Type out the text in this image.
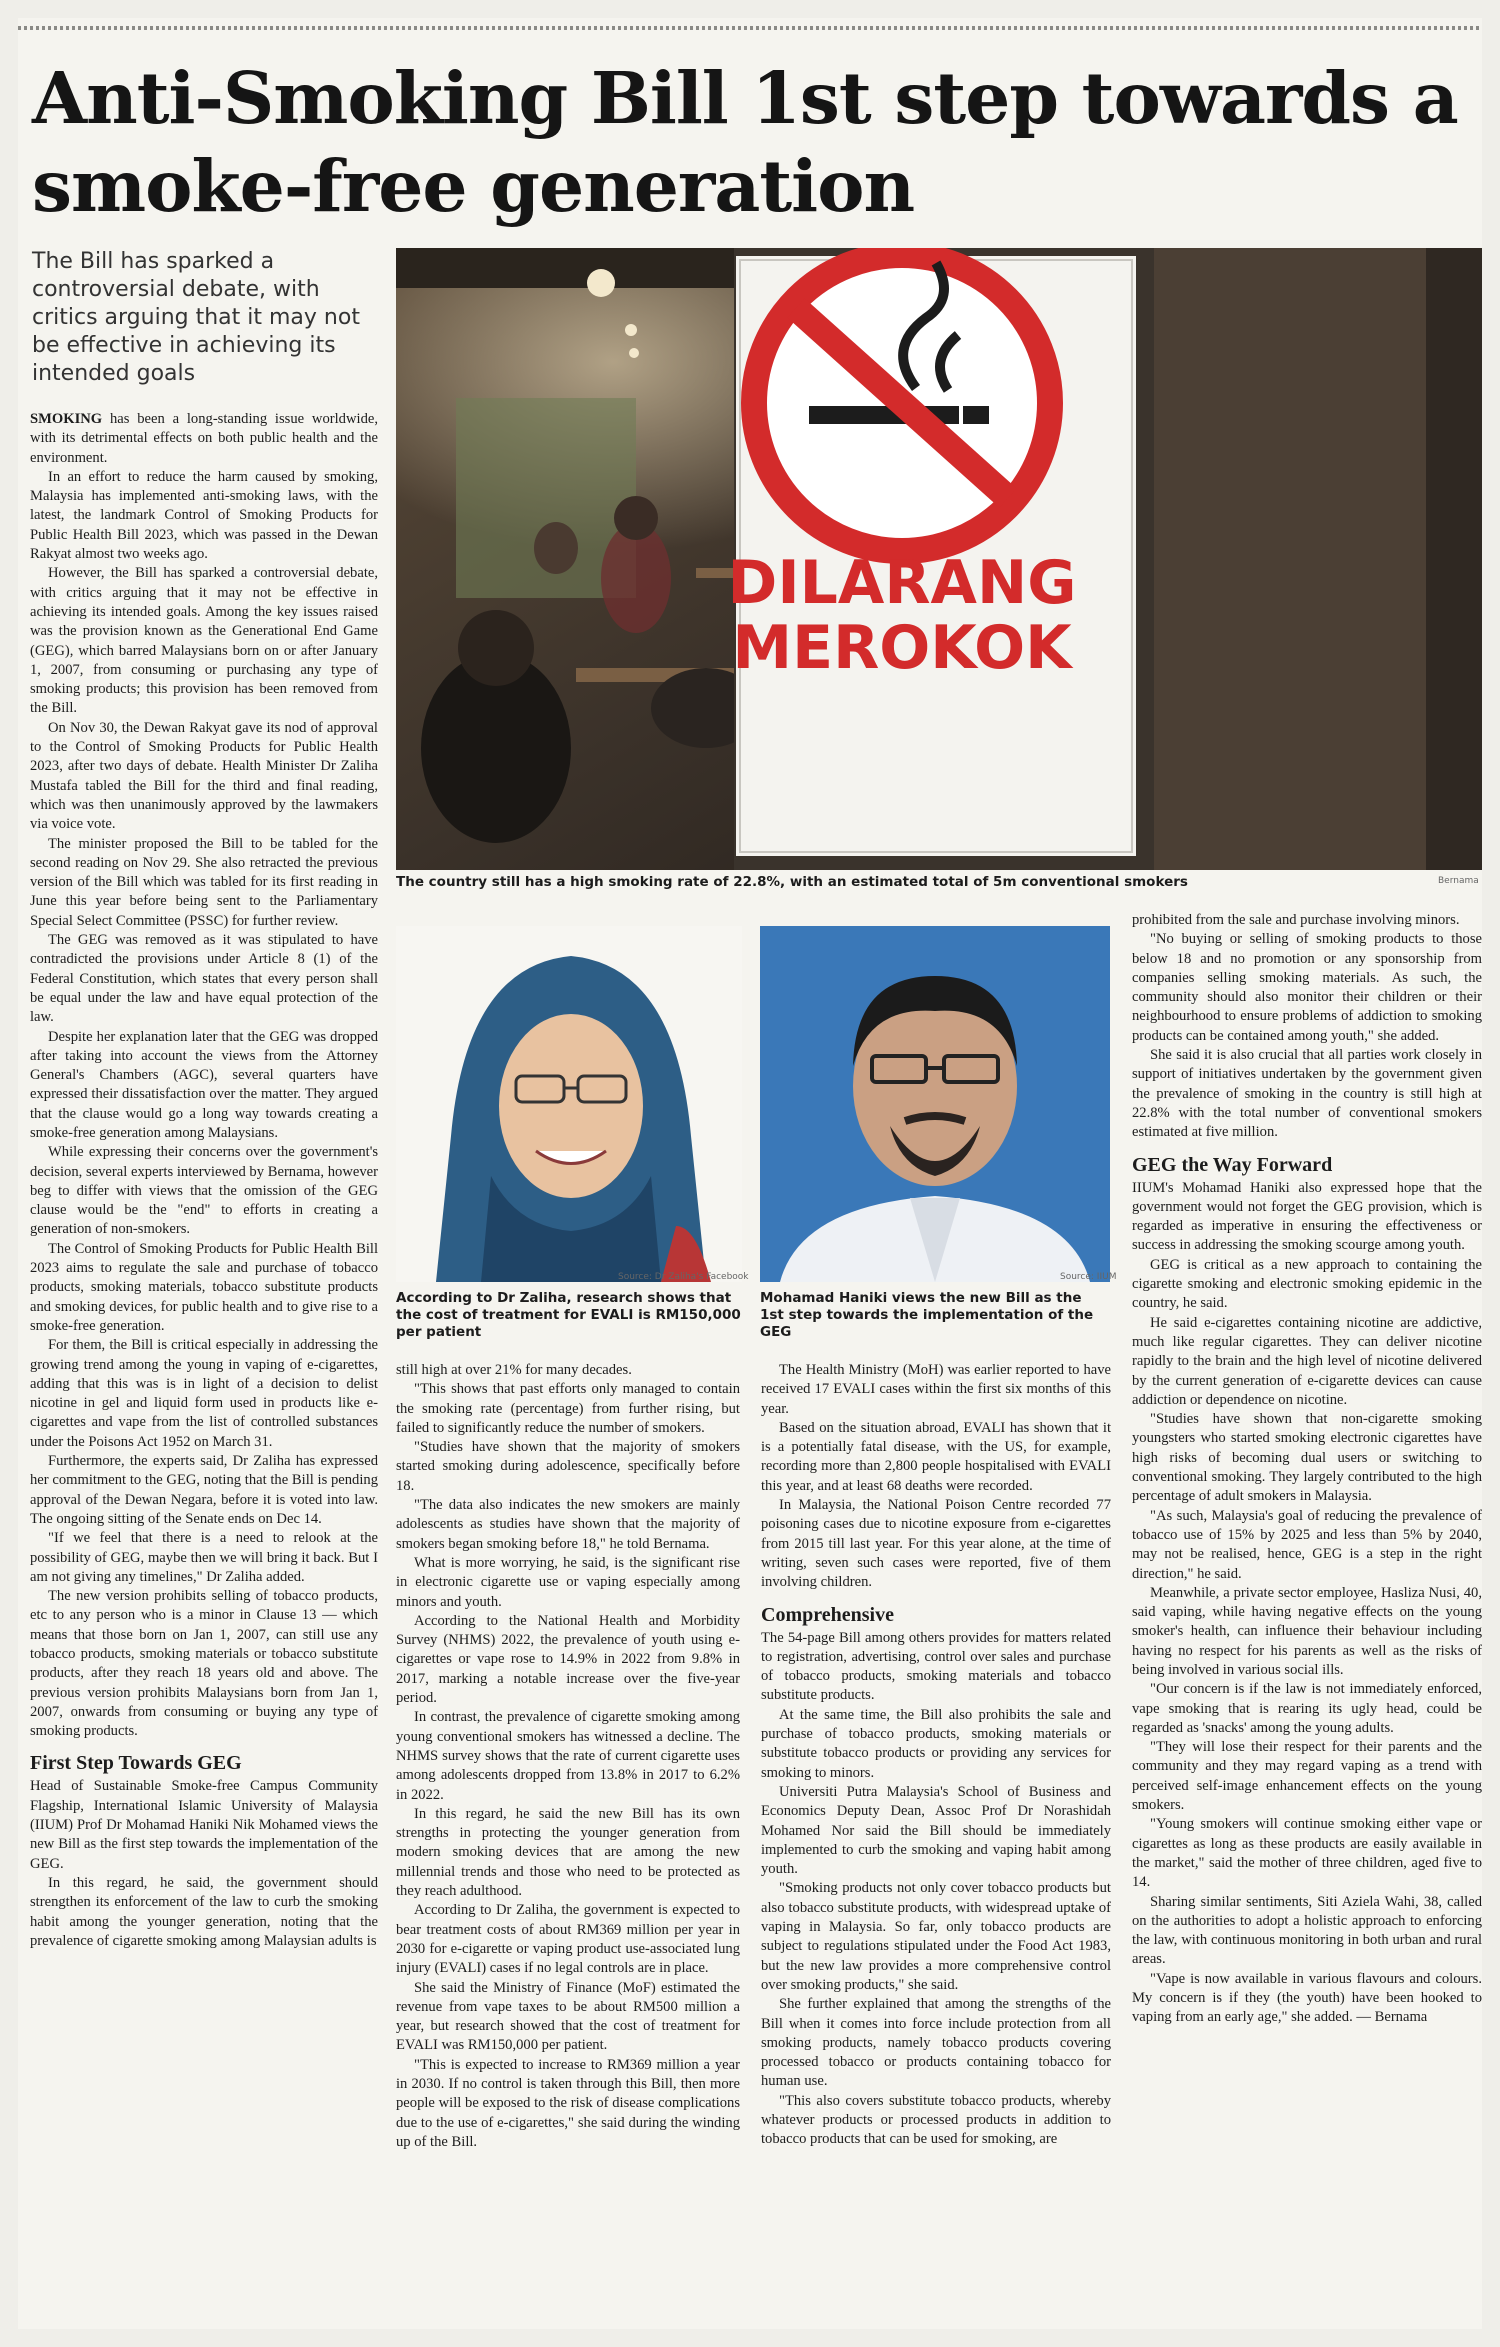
Anti-Smoking Bill 1st step towards a smoke-free generation
The Bill has sparked a controversial debate, with critics arguing that it may not be effective in achieving its intended goals
DILARANG
MEROKOK
The country still has a high smoking rate of 22.8%, with an estimated total of 5m conventional smokers	Bernama
Source: Dr Zaliha's Facebook
According to Dr Zaliha, research shows that the cost of treatment for EVALI is RM150,000 per patient
Source: IIUM
Mohamad Haniki views the new Bill as the 1st step towards the implementation of the GEG

SMOKING has been a long-standing issue worldwide, with its detrimental effects on both public health and the environment.

In an effort to reduce the harm caused by smoking, Malaysia has implemented anti-smoking laws, with the latest, the landmark Control of Smoking Products for Public Health Bill 2023, which was passed in the Dewan Rakyat almost two weeks ago.

However, the Bill has sparked a controversial debate, with critics arguing that it may not be effective in achieving its intended goals. Among the key issues raised was the provision known as the Generational End Game (GEG), which barred Malaysians born on or after January 1, 2007, from consuming or purchasing any type of smoking products; this provision has been removed from the Bill.

On Nov 30, the Dewan Rakyat gave its nod of approval to the Control of Smoking Products for Public Health 2023, after two days of debate. Health Minister Dr Zaliha Mustafa tabled the Bill for the third and final reading, which was then unanimously approved by the lawmakers via voice vote.

The minister proposed the Bill to be tabled for the second reading on Nov 29. She also retracted the previous version of the Bill which was tabled for its first reading in June this year before being sent to the Parliamentary Special Select Committee (PSSC) for further review.

The GEG was removed as it was stipulated to have contradicted the provisions under Article 8 (1) of the Federal Constitution, which states that every person shall be equal under the law and have equal protection of the law.

Despite her explanation later that the GEG was dropped after taking into account the views from the Attorney General's Chambers (AGC), several quarters have expressed their dissatisfaction over the matter. They argued that the clause would go a long way towards creating a smoke-free generation among Malaysians.

While expressing their concerns over the government's decision, several experts interviewed by Bernama, however beg to differ with views that the omission of the GEG clause would be the "end" to efforts in creating a generation of non-smokers.

The Control of Smoking Products for Public Health Bill 2023 aims to regulate the sale and purchase of tobacco products, smoking materials, tobacco substitute products and smoking devices, for public health and to give rise to a smoke-free generation.

For them, the Bill is critical especially in addressing the growing trend among the young in vaping of e-cigarettes, adding that this was is in light of a decision to delist nicotine in gel and liquid form used in products like e-cigarettes and vape from the list of controlled substances under the Poisons Act 1952 on March 31.

Furthermore, the experts said, Dr Zaliha has expressed her commitment to the GEG, noting that the Bill is pending approval of the Dewan Negara, before it is voted into law. The ongoing sitting of the Senate ends on Dec 14.

"If we feel that there is a need to relook at the possibility of GEG, maybe then we will bring it back. But I am not giving any timelines," Dr Zaliha added.

The new version prohibits selling of tobacco products, etc to any person who is a minor in Clause 13 — which means that those born on Jan 1, 2007, can still use any tobacco products, smoking materials or tobacco substitute products, after they reach 18 years old and above. The previous version prohibits Malaysians born from Jan 1, 2007, onwards from consuming or buying any type of smoking products.

First Step Towards GEG

Head of Sustainable Smoke-free Campus Community Flagship, International Islamic University of Malaysia (IIUM) Prof Dr Mohamad Haniki Nik Mohamed views the new Bill as the first step towards the implementation of the GEG.

In this regard, he said, the government should strengthen its enforcement of the law to curb the smoking habit among the younger generation, noting that the prevalence of cigarette smoking among Malaysian adults is

still high at over 21% for many decades.

"This shows that past efforts only managed to contain the smoking rate (percentage) from further rising, but failed to significantly reduce the number of smokers.

"Studies have shown that the majority of smokers started smoking during adolescence, specifically before 18.

"The data also indicates the new smokers are mainly adolescents as studies have shown that the majority of smokers began smoking before 18," he told Bernama.

What is more worrying, he said, is the significant rise in electronic cigarette use or vaping especially among minors and youth.

According to the National Health and Morbidity Survey (NHMS) 2022, the prevalence of youth using e-cigarettes or vape rose to 14.9% in 2022 from 9.8% in 2017, marking a notable increase over the five-year period.

In contrast, the prevalence of cigarette smoking among young conventional smokers has witnessed a decline. The NHMS survey shows that the rate of current cigarette uses among adolescents dropped from 13.8% in 2017 to 6.2% in 2022.

In this regard, he said the new Bill has its own strengths in protecting the younger generation from modern smoking devices that are among the new millennial trends and those who need to be protected as they reach adulthood.

According to Dr Zaliha, the government is expected to bear treatment costs of about RM369 million per year in 2030 for e-cigarette or vaping product use-associated lung injury (EVALI) cases if no legal controls are in place.

She said the Ministry of Finance (MoF) estimated the revenue from vape taxes to be about RM500 million a year, but research showed that the cost of treatment for EVALI was RM150,000 per patient.

"This is expected to increase to RM369 million a year in 2030. If no control is taken through this Bill, then more people will be exposed to the risk of disease complications due to the use of e-cigarettes," she said during the winding up of the Bill.

The Health Ministry (MoH) was earlier reported to have received 17 EVALI cases within the first six months of this year.

Based on the situation abroad, EVALI has shown that it is a potentially fatal disease, with the US, for example, recording more than 2,800 people hospitalised with EVALI this year, and at least 68 deaths were recorded.

In Malaysia, the National Poison Centre recorded 77 poisoning cases due to nicotine exposure from e-cigarettes from 2015 till last year. For this year alone, at the time of writing, seven such cases were reported, five of them involving children.

Comprehensive

The 54-page Bill among others provides for matters related to registration, advertising, control over sales and purchase of tobacco products, smoking materials and tobacco substitute products.

At the same time, the Bill also prohibits the sale and purchase of tobacco products, smoking materials or substitute tobacco products or providing any services for smoking to minors.

Universiti Putra Malaysia's School of Business and Economics Deputy Dean, Assoc Prof Dr Norashidah Mohamed Nor said the Bill should be immediately implemented to curb the smoking and vaping habit among youth.

"Smoking products not only cover tobacco products but also tobacco substitute products, with widespread uptake of vaping in Malaysia. So far, only tobacco products are subject to regulations stipulated under the Food Act 1983, but the new law provides a more comprehensive control over smoking products," she said.

She further explained that among the strengths of the Bill when it comes into force include protection from all smoking products, namely tobacco products covering processed tobacco or products containing tobacco for human use.

"This also covers substitute tobacco products, whereby whatever products or processed products in addition to tobacco products that can be used for smoking, are

prohibited from the sale and purchase involving minors.

"No buying or selling of smoking products to those below 18 and no promotion or any sponsorship from companies selling smoking materials. As such, the community should also monitor their children or their neighbourhood to ensure problems of addiction to smoking products can be contained among youth," she added.

She said it is also crucial that all parties work closely in support of initiatives undertaken by the government given the prevalence of smoking in the country is still high at 22.8% with the total number of conventional smokers estimated at five million.

GEG the Way Forward

IIUM's Mohamad Haniki also expressed hope that the government would not forget the GEG provision, which is regarded as imperative in ensuring the effectiveness or success in addressing the smoking scourge among youth.

GEG is critical as a new approach to containing the cigarette smoking and electronic smoking epidemic in the country, he said.

He said e-cigarettes containing nicotine are addictive, much like regular cigarettes. They can deliver nicotine rapidly to the brain and the high level of nicotine delivered by the current generation of e-cigarette devices can cause addiction or dependence on nicotine.

"Studies have shown that non-cigarette smoking youngsters who started smoking electronic cigarettes have high risks of becoming dual users or switching to conventional smoking. They largely contributed to the high percentage of adult smokers in Malaysia.

"As such, Malaysia's goal of reducing the prevalence of tobacco use of 15% by 2025 and less than 5% by 2040, may not be realised, hence, GEG is a step in the right direction," he said.

Meanwhile, a private sector employee, Hasliza Nusi, 40, said vaping, while having negative effects on the young smoker's health, can influence their behaviour including having no respect for his parents as well as the risks of being involved in various social ills.

"Our concern is if the law is not immediately enforced, vape smoking that is rearing its ugly head, could be regarded as 'snacks' among the young adults.

"They will lose their respect for their parents and the community and they may regard vaping as a trend with perceived self-image enhancement effects on the young smokers.

"Young smokers will continue smoking either vape or cigarettes as long as these products are easily available in the market," said the mother of three children, aged five to 14.

Sharing similar sentiments, Siti Aziela Wahi, 38, called on the authorities to adopt a holistic approach to enforcing the law, with continuous monitoring in both urban and rural areas.

"Vape is now available in various flavours and colours. My concern is if they (the youth) have been hooked to vaping from an early age," she added. — Bernama
